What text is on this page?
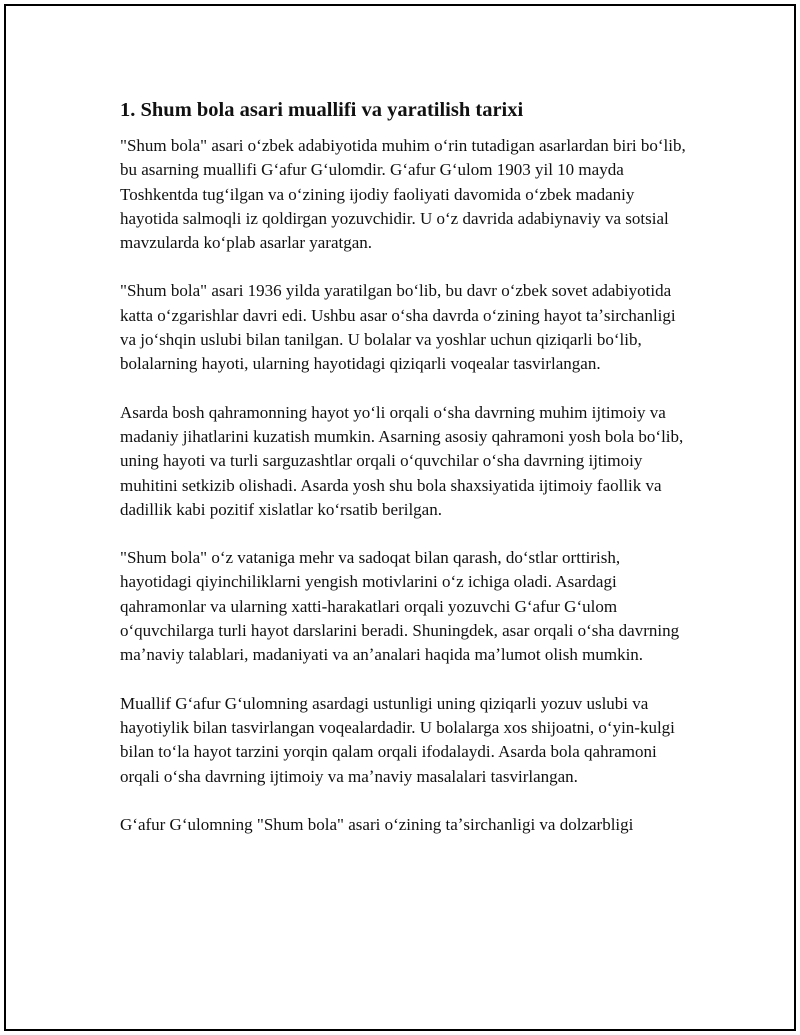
1. Shum bola asari muallifi va yaratilish tarixi

"Shum bola" asari oʻzbek adabiyotida muhim oʻrin tutadigan asarlardan biri boʻlib, bu asarning muallifi Gʻafur Gʻulomdir. Gʻafur Gʻulom 1903 yil 10 mayda Toshkentda tugʻilgan va oʻzining ijodiy faoliyati davomida oʻzbek madaniy hayotida salmoqli iz qoldirgan yozuvchidir. U oʻz davrida adabiynaviy va sotsial mavzularda koʻplab asarlar yaratgan.

"Shum bola" asari 1936 yilda yaratilgan boʻlib, bu davr oʻzbek sovet adabiyotida katta oʻzgarishlar davri edi. Ushbu asar oʻsha davrda oʻzining hayot taʼsirchanligi va joʻshqin uslubi bilan tanilgan. U bolalar va yoshlar uchun qiziqarli boʻlib, bolalarning hayoti, ularning hayotidagi qiziqarli voqealar tasvirlangan.

Asarda bosh qahramonning hayot yoʻli orqali oʻsha davrning muhim ijtimoiy va madaniy jihatlarini kuzatish mumkin. Asarning asosiy qahramoni yosh bola boʻlib, uning hayoti va turli sarguzashtlar orqali oʻquvchilar oʻsha davrning ijtimoiy muhitini setkizib olishadi. Asarda yosh shu bola shaxsiyatida ijtimoiy faollik va dadillik kabi pozitif xislatlar koʻrsatib berilgan.

"Shum bola" oʻz vataniga mehr va sadoqat bilan qarash, doʻstlar orttirish, hayotidagi qiyinchiliklarni yengish motivlarini oʻz ichiga oladi. Asardagi qahramonlar va ularning xatti-harakatlari orqali yozuvchi Gʻafur Gʻulom oʻquvchilarga turli hayot darslarini beradi. Shuningdek, asar orqali oʻsha davrning maʼnaviy talablari, madaniyati va anʼanalari haqida maʼlumot olish mumkin.

Muallif Gʻafur Gʻulomning asardagi ustunligi uning qiziqarli yozuv uslubi va hayotiylik bilan tasvirlangan voqealardadir. U bolalarga xos shijoatni, oʻyin-kulgi bilan toʻla hayot tarzini yorqin qalam orqali ifodalaydi. Asarda bola qahramoni orqali oʻsha davrning ijtimoiy va maʼnaviy masalalari tasvirlangan.

Gʻafur Gʻulomning "Shum bola" asari oʻzining taʼsirchanligi va dolzarbligi
